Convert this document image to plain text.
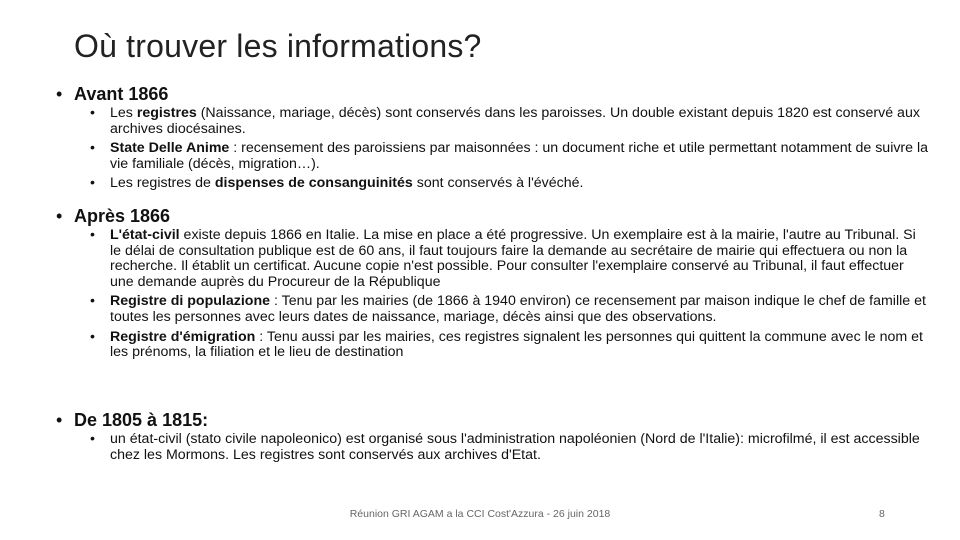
Où trouver les informations?
• Avant 1866
•	Les registres (Naissance, mariage, décès) sont conservés dans les paroisses. Un double existant depuis 1820 est conservé aux archives diocésaines.
•	State Delle Anime : recensement des paroissiens par maisonnées : un document riche et utile permettant notamment de suivre la vie familiale (décès, migration…).
•	Les registres de dispenses de consanguinités sont conservés à l'évéché.
• Après 1866
•	L'état-civil existe depuis 1866 en Italie. La mise en place a été progressive. Un exemplaire est à la mairie, l'autre au Tribunal. Si le délai de consultation publique est de 60 ans, il faut toujours faire la demande au secrétaire de mairie qui effectuera ou non la recherche. Il établit un certificat. Aucune copie n'est possible. Pour consulter l'exemplaire conservé au Tribunal, il faut effectuer une demande auprès du Procureur de la République
•	Registre di populazione : Tenu par les mairies (de 1866 à 1940 environ) ce recensement par maison indique le chef de famille et toutes les personnes avec leurs dates de naissance, mariage, décès ainsi que des observations.
•	Registre d'émigration : Tenu aussi par les mairies, ces registres signalent les personnes qui quittent la commune avec le nom et les prénoms, la filiation et le lieu de destination
• De 1805 à 1815:
•	un état-civil (stato civile napoleonico) est organisé sous l'administration napoléonien (Nord de l'Italie): microfilmé, il est accessible chez les Mormons. Les registres sont conservés aux archives d'Etat.
Réunion GRI AGAM a la CCI Cost'Azzura - 26 juin 2018	8
